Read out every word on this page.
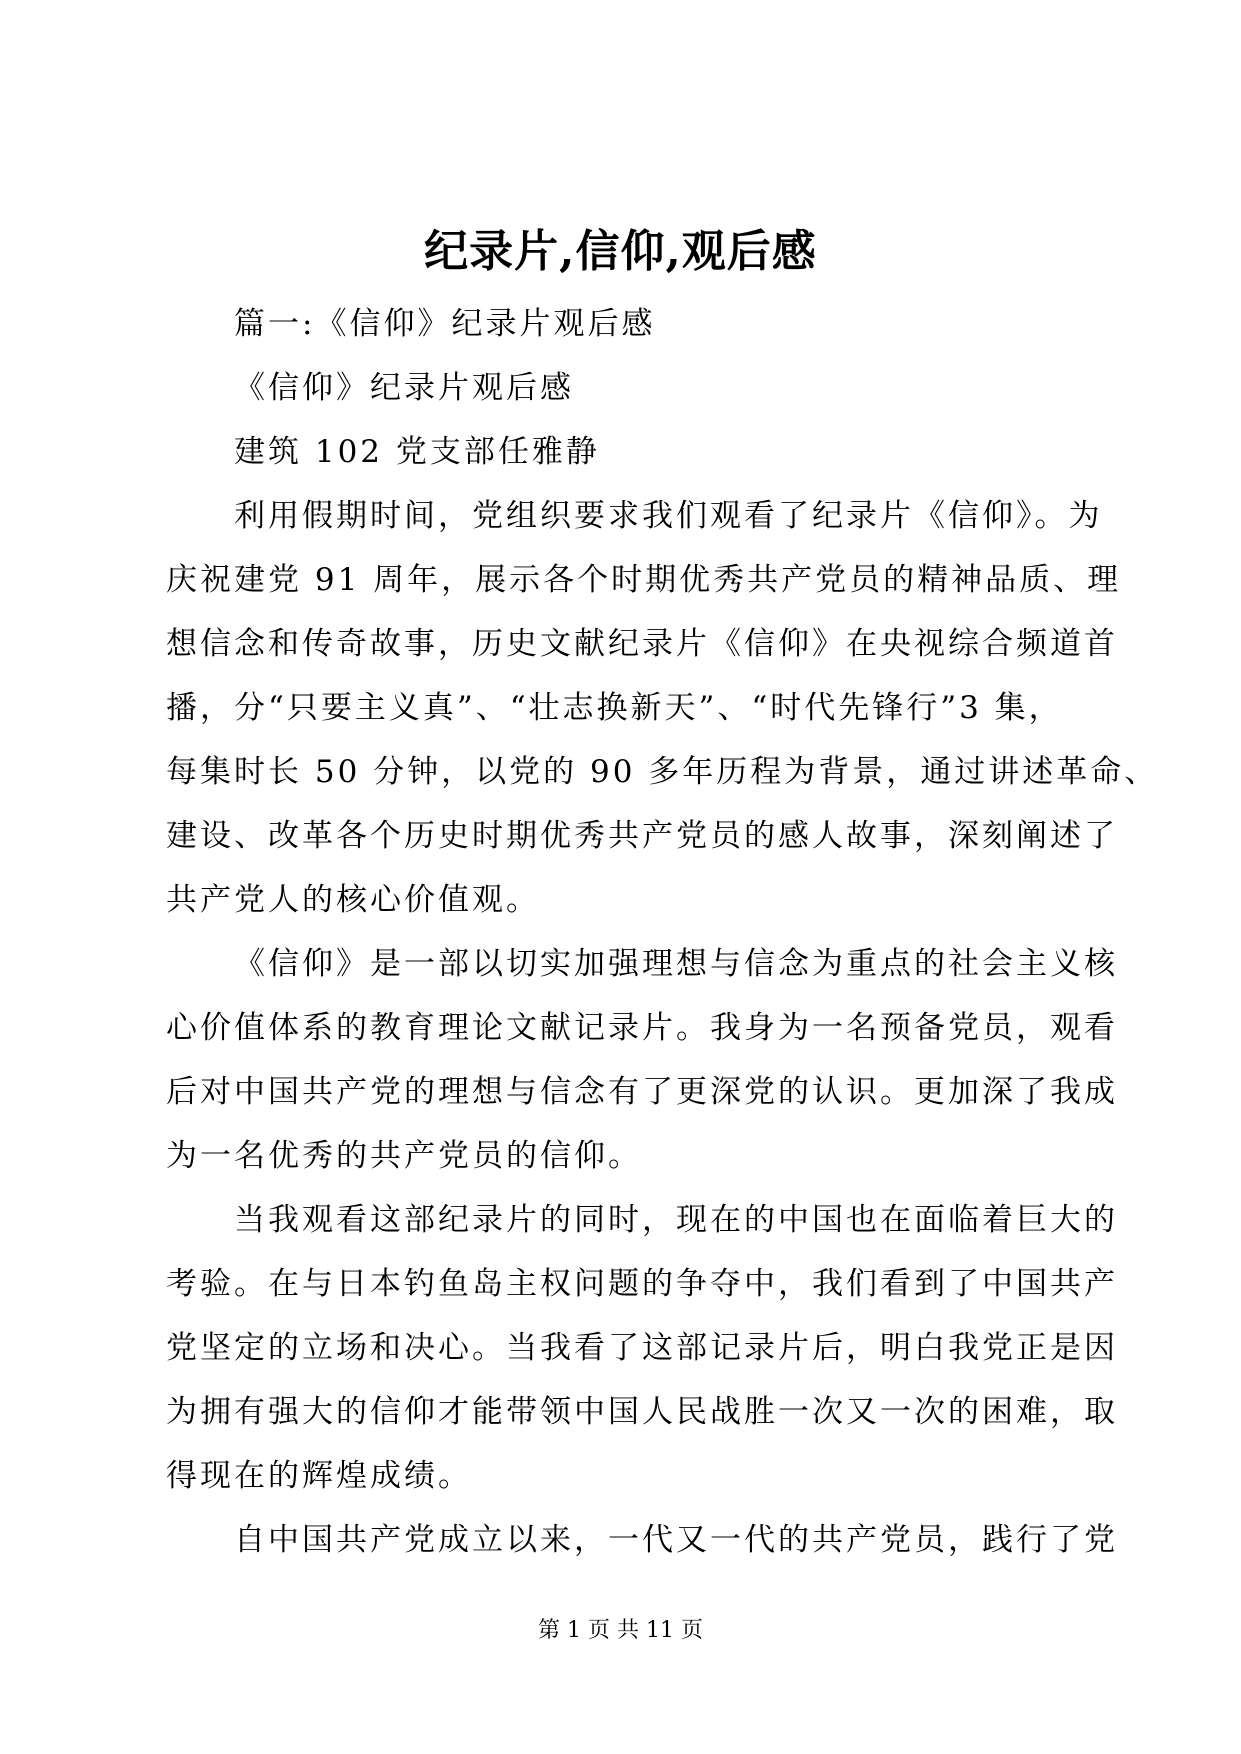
纪录片,信仰,观后感
篇一:《信仰》纪录片观后感
《信仰》纪录片观后感
建筑 102 党支部任雅静
利用假期时间，党组织要求我们观看了纪录片《信仰》。为
庆祝建党 91 周年，展示各个时期优秀共产党员的精神品质、理
想信念和传奇故事，历史文献纪录片《信仰》在央视综合频道首
播，分“只要主义真”、“壮志换新天”、“时代先锋行”3 集，
每集时长 50 分钟，以党的 90 多年历程为背景，通过讲述革命、
建设、改革各个历史时期优秀共产党员的感人故事，深刻阐述了
共产党人的核心价值观。
《信仰》是一部以切实加强理想与信念为重点的社会主义核
心价值体系的教育理论文献记录片。我身为一名预备党员，观看
后对中国共产党的理想与信念有了更深党的认识。更加深了我成
为一名优秀的共产党员的信仰。
当我观看这部纪录片的同时，现在的中国也在面临着巨大的
考验。在与日本钓鱼岛主权问题的争夺中，我们看到了中国共产
党坚定的立场和决心。当我看了这部记录片后，明白我党正是因
为拥有强大的信仰才能带领中国人民战胜一次又一次的困难，取
得现在的辉煌成绩。
自中国共产党成立以来，一代又一代的共产党员，践行了党
第 1 页 共 11 页
